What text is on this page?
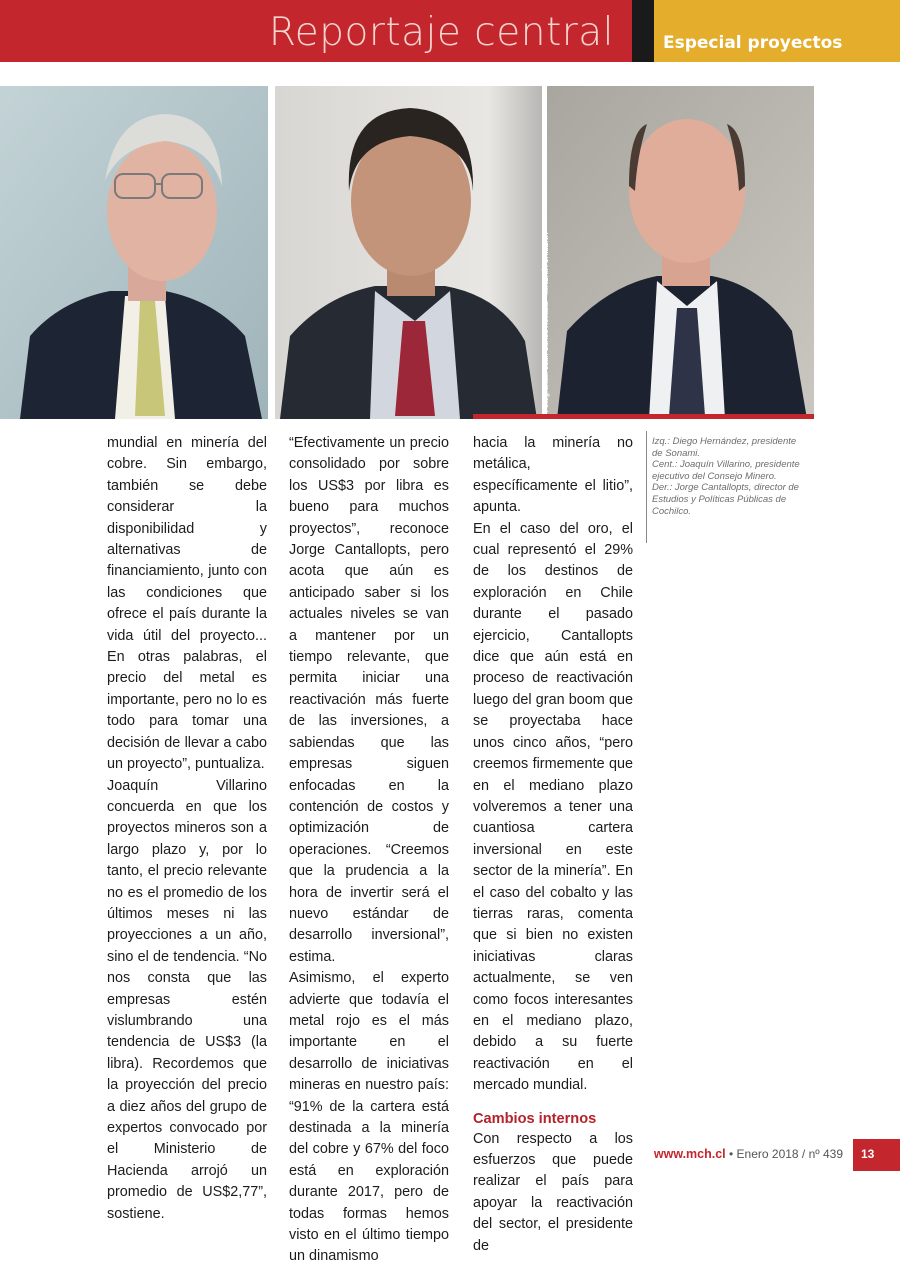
Reportaje central	Especial proyectos
Fotografías: Juan Carlos Recabal - MINERÍA CHILENA

mundial en minería del cobre. Sin embargo, también se debe considerar la disponibilidad y alternativas de financiamiento, junto con las condiciones que ofrece el país durante la vida útil del proyecto... En otras palabras, el precio del metal es importante, pero no lo es todo para tomar una decisión de llevar a cabo un proyecto”, puntualiza.

Joaquín Villarino concuerda en que los proyectos mineros son a largo plazo y, por lo tanto, el precio relevante no es el promedio de los últimos meses ni las proyecciones a un año, sino el de tendencia. “No nos consta que las empresas estén vislumbrando una tendencia de US$3 (la libra). Recordemos que la proyección del precio a diez años del grupo de expertos convocado por el Ministerio de Hacienda arrojó un promedio de US$2,77”, sostiene.

“Efectivamente un precio consolidado por sobre los US$3 por libra es bueno para muchos proyectos”, reconoce Jorge Cantallopts, pero acota que aún es anticipado saber si los actuales niveles se van a mantener por un tiempo relevante, que permita iniciar una reactivación más fuerte de las inversiones, a sabiendas que las empresas siguen enfocadas en la contención de costos y optimización de operaciones. “Creemos que la prudencia a la hora de invertir será el nuevo estándar de desarrollo inversional”, estima.

Asimismo, el experto advierte que todavía el metal rojo es el más importante en el desarrollo de iniciativas mineras en nuestro país: “91% de la cartera está destinada a la minería del cobre y 67% del foco está en exploración durante 2017, pero de todas formas hemos visto en el último tiempo un dinamismo

hacia la minería no metálica, específicamente el litio”, apunta.

En el caso del oro, el cual representó el 29% de los destinos de exploración en Chile durante el pasado ejercicio, Cantallopts dice que aún está en proceso de reactivación luego del gran boom que se proyectaba hace unos cinco años, “pero creemos firmemente que en el mediano plazo volveremos a tener una cuantiosa cartera inversional en este sector de la minería”. En el caso del cobalto y las tierras raras, comenta que si bien no existen iniciativas claras actualmente, se ven como focos interesantes en el mediano plazo, debido a su fuerte reactivación en el mercado mundial.

Cambios internos

Con respecto a los esfuerzos que puede realizar el país para apoyar la reactivación del sector, el presidente de

Izq.: Diego Hernández, presidente de Sonami.
Cent.: Joaquín Villarino, presidente ejecutivo del Consejo Minero.
Der.: Jorge Cantallopts, director de Estudios y Políticas Públicas de Cochilco.
www.mch.cl • Enero 2018 / nº 439	13
